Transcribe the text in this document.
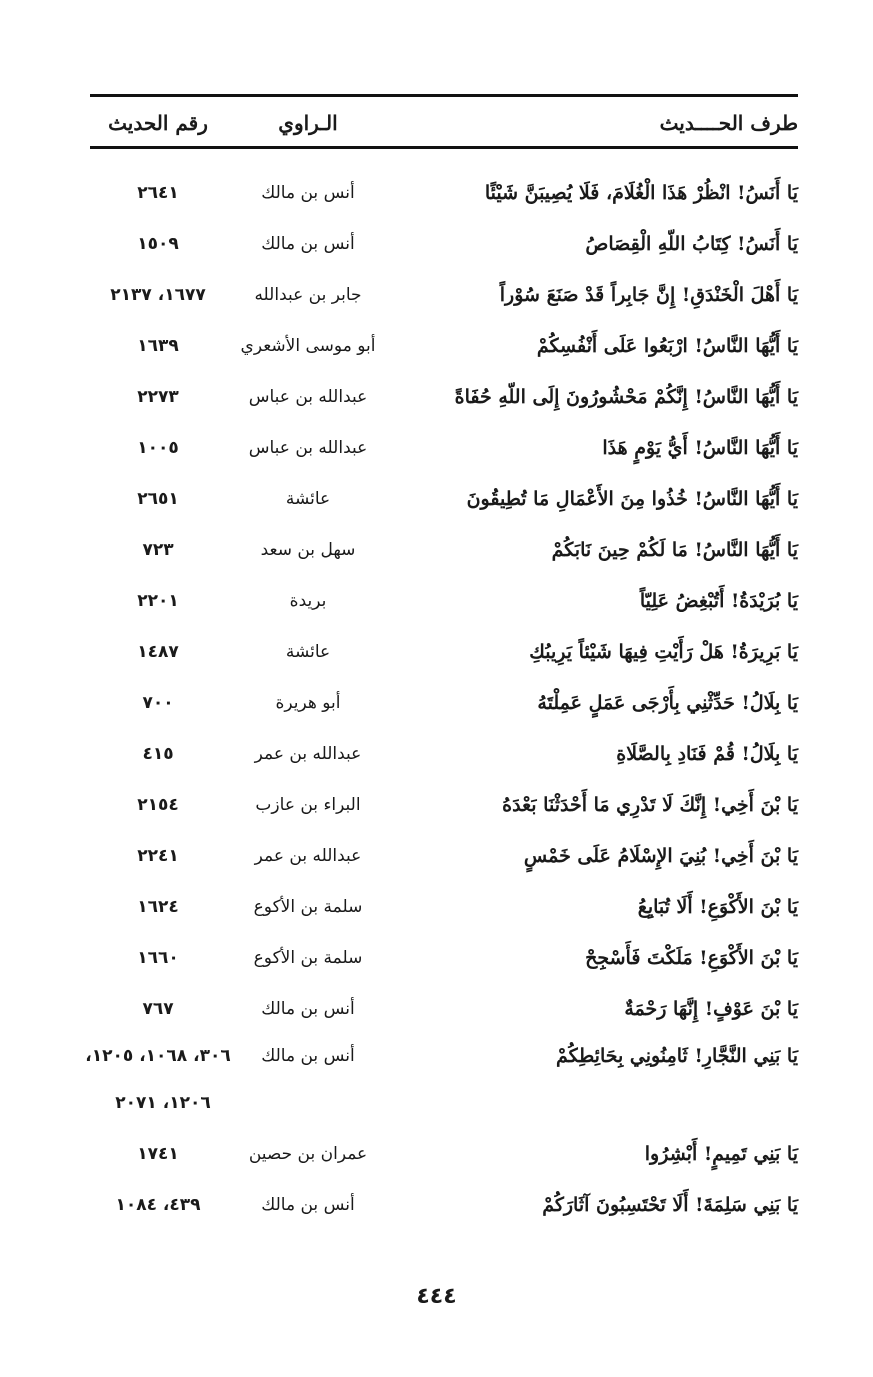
طرف الحــــديث
الـراوي
رقم الحديث
يَا أَنَسُ! انْظُرْ هَذَا الْغُلَامَ، فَلَا يُصِيبَنَّ شَيْئًا
أنس بن مالك
٢٦٤١
يَا أَنَسُ! كِتَابُ اللّهِ الْقِصَاصُ
أنس بن مالك
١٥٠٩
يَا أَهْلَ الْخَنْدَقِ! إِنَّ جَابِراً قَدْ صَنَعَ سُوْراً
جابر بن عبدالله
١٦٧٧، ٢١٣٧
يَا أَيُّهَا النَّاسُ! ارْبَعُوا عَلَى أَنْفُسِكُمْ
أبو موسى الأشعري
١٦٣٩
يَا أَيُّهَا النَّاسُ! إِنَّكُمْ مَحْشُورُونَ إِلَى اللّهِ حُفَاةً
عبدالله بن عباس
٢٢٧٣
يَا أَيُّهَا النَّاسُ! أَيُّ يَوْمٍ هَذَا
عبدالله بن عباس
١٠٠٥
يَا أَيُّهَا النَّاسُ! خُذُوا مِنَ الأَعْمَالِ مَا تُطِيقُونَ
عائشة
٢٦٥١
يَا أَيُّهَا النَّاسُ! مَا لَكُمْ حِينَ نَابَكُمْ
سهل بن سعد
٧٢٣
يَا بُرَيْدَةُ! أَتُبْغِضُ عَلِيّاً
بريدة
٢٢٠١
يَا بَرِيرَةُ! هَلْ رَأَيْتِ فِيهَا شَيْئاً يَرِيبُكِ
عائشة
١٤٨٧
يَا بِلَالُ! حَدِّثْنِي بِأَرْجَى عَمَلٍ عَمِلْتَهُ
أبو هريرة
٧٠٠
يَا بِلَالُ! قُمْ فَنَادِ بِالصَّلَاةِ
عبدالله بن عمر
٤١٥
يَا بْنَ أَخِي! إِنَّكَ لَا تَدْرِي مَا أَحْدَثْنَا بَعْدَهُ
البراء بن عازب
٢١٥٤
يَا بْنَ أَخِي! بُنِيَ الإِسْلَامُ عَلَى خَمْسٍ
عبدالله بن عمر
٢٢٤١
يَا بْنَ الأَكْوَعِ! أَلَا تُبَايِعُ
سلمة بن الأكوع
١٦٢٤
يَا بْنَ الأَكْوَعِ! مَلَكْتَ فَأَسْجِحْ
سلمة بن الأكوع
١٦٦٠
يَا بْنَ عَوْفٍ! إِنَّهَا رَحْمَةٌ
أنس بن مالك
٧٦٧
يَا بَنِي النَّجَّارِ! ثَامِنُونِي بِحَائِطِكُمْ
أنس بن مالك
٣٠٦، ١٠٦٨، ١٢٠٥،
١٢٠٦، ٢٠٧١
يَا بَنِي تَمِيمٍ! أَبْشِرُوا
عمران بن حصين
١٧٤١
يَا بَنِي سَلِمَةَ! أَلَا تَحْتَسِبُونَ آثَارَكُمْ
أنس بن مالك
٤٣٩، ١٠٨٤
٤٤٤
